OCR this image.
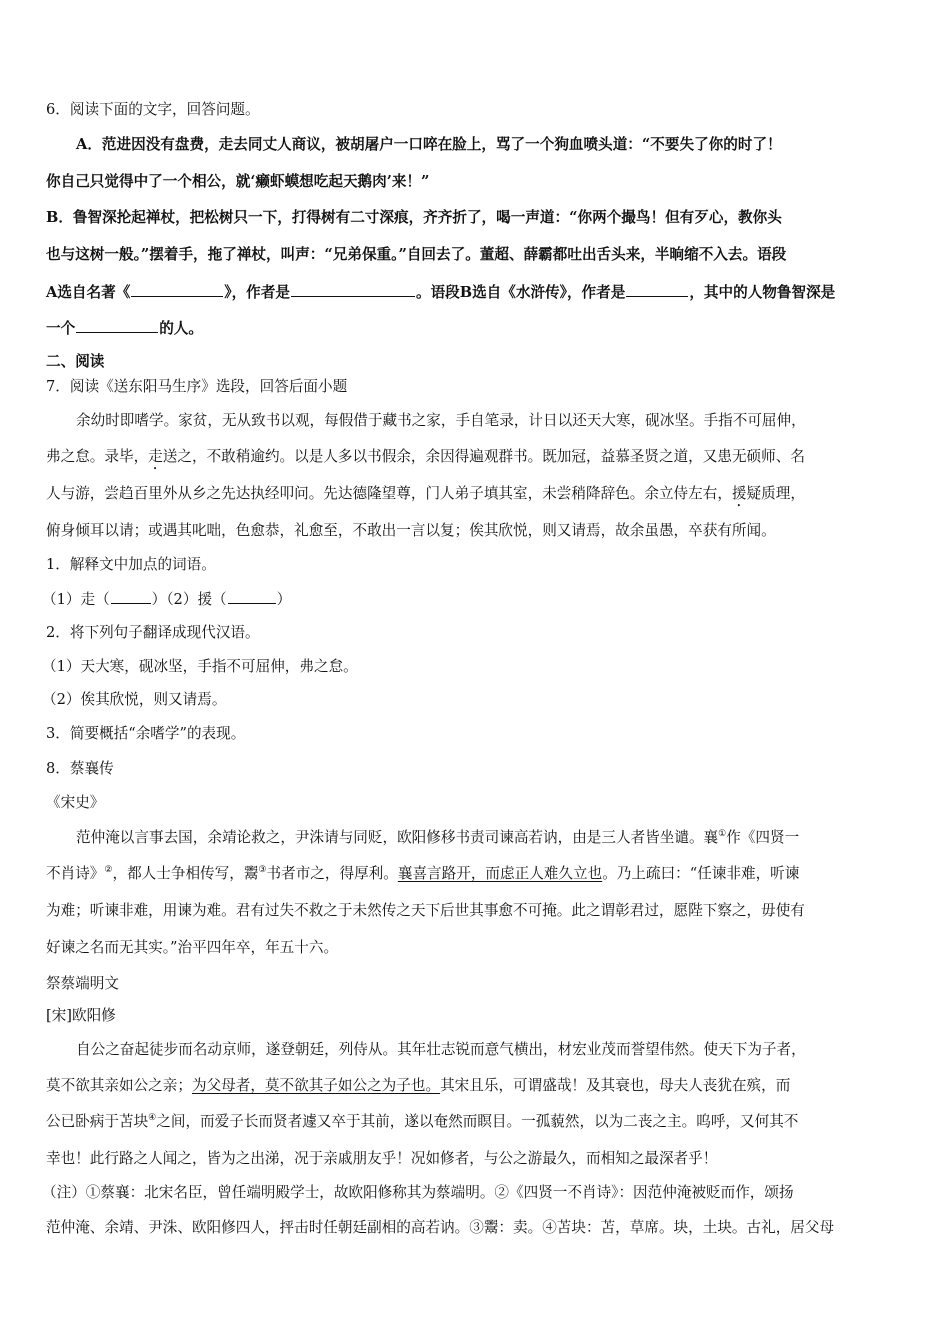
6．阅读下面的文字，回答问题。
A．范进因没有盘费，走去同丈人商议，被胡屠户一口啐在脸上，骂了一个狗血喷头道：“不要失了你的时了！
你自己只觉得中了一个相公，就‘癞虾蟆想吃起天鹅肉’来！”
B．鲁智深抡起禅杖，把松树只一下，打得树有二寸深痕，齐齐折了，喝一声道：“你两个撮鸟！但有歹心，教你头
也与这树一般。”摆着手，拖了禅杖，叫声：“兄弟保重。”自回去了。董超、薛霸都吐出舌头来，半晌缩不入去。语段
A选自名著《	》，作者是	。语段B选自《水浒传》，作者是	，其中的人物鲁智深是
一个	的人。
二、阅读
7．阅读《送东阳马生序》选段，回答后面小题
余幼时即嗜学。家贫，无从致书以观，每假借于藏书之家，手自笔录，计日以还天大寒，砚冰坚。手指不可屈伸，
弗之怠。录毕，走送之，不敢稍逾约。以是人多以书假余，余因得遍观群书。既加冠，益慕圣贤之道，又患无硕师、名
人与游，尝趋百里外从乡之先达执经叩问。先达德隆望尊，门人弟子填其室，未尝稍降辞色。余立侍左右，援疑质理，
俯身倾耳以请；或遇其叱咄，色愈恭，礼愈至，不敢出一言以复；俟其欣悦，则又请焉，故余虽愚，卒获有所闻。
1．解释文中加点的词语。
（1）走（	）（2）援（	）
2．将下列句子翻译成现代汉语。
（1）天大寒，砚冰坚，手指不可屈伸，弗之怠。
（2）俟其欣悦，则又请焉。
3．简要概括“余嗜学”的表现。
8．蔡襄传
《宋史》
范仲淹以言事去国，余靖论救之，尹洙请与同贬，欧阳修移书责司谏高若讷，由是三人者皆坐谴。襄①作《四贤一
不肖诗》②，都人士争相传写，鬻③书者市之，得厚利。襄喜言路开，而虑正人难久立也。乃上疏曰：“任谏非难，听谏
为难；听谏非难，用谏为难。君有过失不救之于未然传之天下后世其事愈不可掩。此之谓彰君过，愿陛下察之，毋使有
好谏之名而无其实。”治平四年卒，年五十六。
祭蔡端明文
[宋]欧阳修
自公之奋起徒步而名动京师，遂登朝廷，列侍从。其年壮志锐而意气横出，材宏业茂而誉望伟然。使天下为子者，
莫不欲其亲如公之亲；为父母者，莫不欲其子如公之为子也。其宋且乐，可谓盛哉！及其衰也，母夫人丧犹在殡，而
公已卧病于苫块④之间，而爱子长而贤者遽又卒于其前，遂以奄然而瞑目。一孤藐然，以为二丧之主。呜呼，又何其不
幸也！此行路之人闻之，皆为之出涕，况于亲戚朋友乎！况如修者，与公之游最久，而相知之最深者乎！
（注）①蔡襄：北宋名臣，曾任端明殿学士，故欧阳修称其为蔡端明。②《四贤一不肖诗》：因范仲淹被贬而作，颂扬
范仲淹、余靖、尹洙、欧阳修四人，抨击时任朝廷副相的高若讷。③鬻：卖。④苫块：苫，草席。块，土块。古礼，居父母
